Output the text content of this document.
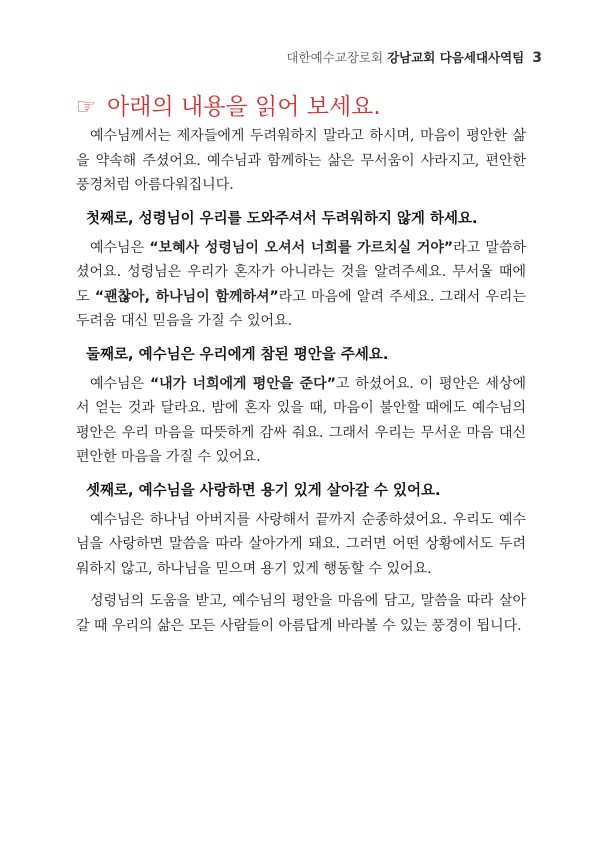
대한예수교장로회 강남교회 다음세대사역팀 3
☞ 아래의 내용을 읽어 보세요.

예수님께서는 제자들에게 두려워하지 말라고 하시며, 마음이 평안한 삶을 약속해 주셨어요. 예수님과 함께하는 삶은 무서움이 사라지고, 편안한 풍경처럼 아름다워집니다.

첫째로, 성령님이 우리를 도와주셔서 두려워하지 않게 하세요.

예수님은 “보혜사 성령님이 오셔서 너희를 가르치실 거야”라고 말씀하셨어요. 성령님은 우리가 혼자가 아니라는 것을 알려주세요. 무서울 때에도 “괜찮아, 하나님이 함께하셔”라고 마음에 알려 주세요. 그래서 우리는 두려움 대신 믿음을 가질 수 있어요.

둘째로, 예수님은 우리에게 참된 평안을 주세요.

예수님은 “내가 너희에게 평안을 준다”고 하셨어요. 이 평안은 세상에서 얻는 것과 달라요. 밤에 혼자 있을 때, 마음이 불안할 때에도 예수님의 평안은 우리 마음을 따뜻하게 감싸 줘요. 그래서 우리는 무서운 마음 대신 편안한 마음을 가질 수 있어요.

셋째로, 예수님을 사랑하면 용기 있게 살아갈 수 있어요.

예수님은 하나님 아버지를 사랑해서 끝까지 순종하셨어요. 우리도 예수님을 사랑하면 말씀을 따라 살아가게 돼요. 그러면 어떤 상황에서도 두려워하지 않고, 하나님을 믿으며 용기 있게 행동할 수 있어요.

성령님의 도움을 받고, 예수님의 평안을 마음에 담고, 말씀을 따라 살아갈 때 우리의 삶은 모든 사람들이 아름답게 바라볼 수 있는 풍경이 됩니다.
